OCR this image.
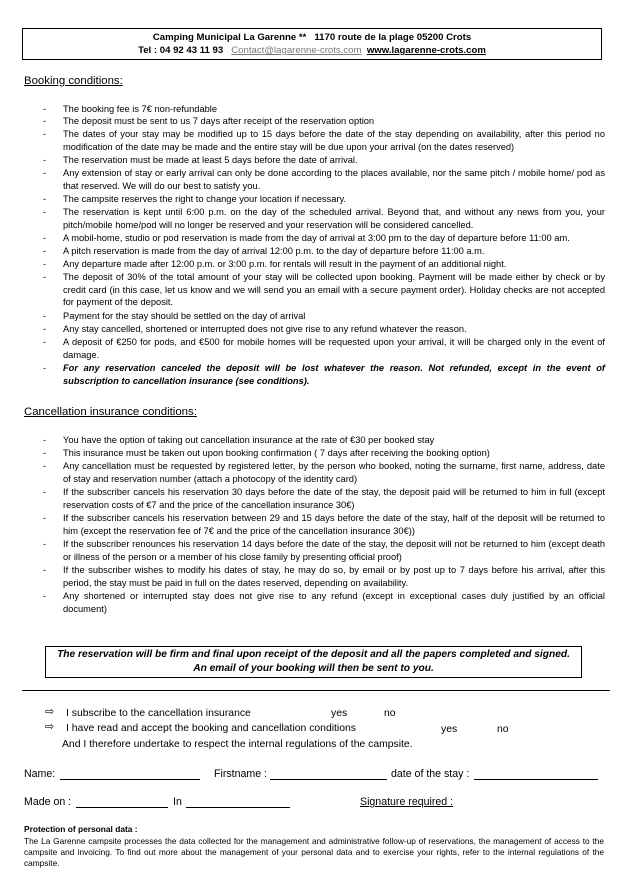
Camping Municipal La Garenne ** 1170 route de la plage 05200 Crots
Tel : 04 92 43 11 93 Contact@lagarenne-crots.com www.lagarenne-crots.com
Booking conditions:
- The booking fee is 7€ non-refundable
- The deposit must be sent to us 7 days after receipt of the reservation option
- The dates of your stay may be modified up to 15 days before the date of the stay depending on availability, after this period no modification of the date may be made and the entire stay will be due upon your arrival (on the dates reserved)
- The reservation must be made at least 5 days before the date of arrival.
- Any extension of stay or early arrival can only be done according to the places available, nor the same pitch / mobile home/ pod as that reserved. We will do our best to satisfy you.
- The campsite reserves the right to change your location if necessary.
- The reservation is kept until 6:00 p.m. on the day of the scheduled arrival. Beyond that, and without any news from you, your pitch/mobile home/pod will no longer be reserved and your reservation will be considered cancelled.
- A mobil-home, studio or pod reservation is made from the day of arrival at 3:00 pm to the day of departure before 11:00 am.
- A pitch reservation is made from the day of arrival 12:00 p.m. to the day of departure before 11:00 a.m.
- Any departure made after 12:00 p.m. or 3:00 p.m. for rentals will result in the payment of an additional night.
- The deposit of 30% of the total amount of your stay will be collected upon booking. Payment will be made either by check or by credit card (in this case, let us know and we will send you an email with a secure payment order). Holiday checks are not accepted for payment of the deposit.
- Payment for the stay should be settled on the day of arrival
- Any stay cancelled, shortened or interrupted does not give rise to any refund whatever the reason.
- A deposit of €250 for pods, and €500 for mobile homes will be requested upon your arrival, it will be charged only in the event of damage.
- For any reservation canceled the deposit will be lost whatever the reason. Not refunded, except in the event of subscription to cancellation insurance (see conditions).
Cancellation insurance conditions:
- You have the option of taking out cancellation insurance at the rate of €30 per booked stay
- This insurance must be taken out upon booking confirmation ( 7 days after receiving the booking option)
- Any cancellation must be requested by registered letter, by the person who booked, noting the surname, first name, address, date of stay and reservation number (attach a photocopy of the identity card)
- If the subscriber cancels his reservation 30 days before the date of the stay, the deposit paid will be returned to him in full (except reservation costs of €7 and the price of the cancellation insurance 30€)
- If the subscriber cancels his reservation between 29 and 15 days before the date of the stay, half of the deposit will be returned to him (except the reservation fee of 7€ and the price of the cancellation insurance 30€))
- If the subscriber renounces his reservation 14 days before the date of the stay, the deposit will not be returned to him (except death or illness of the person or a member of his close family by presenting official proof)
- If the subscriber wishes to modify his dates of stay, he may do so, by email or by post up to 7 days before his arrival, after this period, the stay must be paid in full on the dates reserved, depending on availability.
- Any shortened or interrupted stay does not give rise to any refund (except in exceptional cases duly justified by an official document)
The reservation will be firm and final upon receipt of the deposit and all the papers completed and signed.
An email of your booking will then be sent to you.
⇨ I subscribe to the cancellation insurance	yes	no
⇨ I have read and accept the booking and cancellation conditions	yes	no
And I therefore undertake to respect the internal regulations of the campsite.
Name:	Firstname :	date of the stay :
Made on :	In	Signature required :
Protection of personal data :
The La Garenne campsite processes the data collected for the management and administrative follow-up of reservations, the management of access to the campsite and invoicing. To find out more about the management of your personal data and to exercise your rights, refer to the internal regulations of the campsite.
